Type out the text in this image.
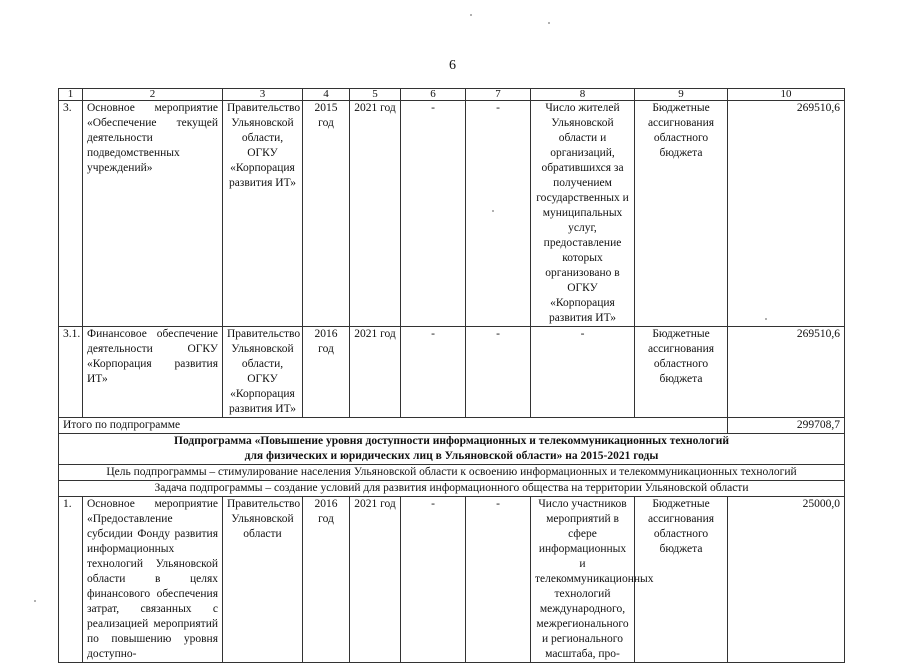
6
1	2	3	4	5	6	7	8	9	10
3.	Основное мероприятие «Обеспечение текущей деятельности подведомственных учреждений»	Правительство Ульяновской области, ОГКУ «Корпорация развития ИТ»	2015 год	2021 год	-	-	Число жителей Ульяновской области и организаций, обратившихся за получением государственных и муниципальных услуг, предоставление которых организовано в ОГКУ «Корпорация развития ИТ»	Бюджетные ассигнования областного бюджета	269510,6
3.1.	Финансовое обеспечение деятельности ОГКУ «Корпорация развития ИТ»	Правительство Ульяновской области, ОГКУ «Корпорация развития ИТ»	2016 год	2021 год	-	-	-	Бюджетные ассигнования областного бюджета	269510,6
Итого по подпрограмме									299708,7

Подпрограмма «Повышение уровня доступности информационных и телекоммуникационных технологий
для физических и юридических лиц в Ульяновской области» на 2015-2021 годы									

Цель подпрограммы – стимулирование населения Ульяновской области к освоению информационных и телекоммуникационных технологий									
Задача подпрограммы – создание условий для развития информационного общества на территории Ульяновской области									
1.	Основное мероприятие «Предоставление субсидии Фонду развития информационных технологий Ульяновской области в целях финансового обеспечения затрат, связанных с реализацией мероприятий по повышению уровня доступно-	Правительство Ульяновской области	2016 год	2021 год	-	-	Число участников мероприятий в сфере информационных и телекоммуникационных технологий международного, межрегионального и регионального масштаба, про-	Бюджетные ассигнования областного бюджета	25000,0
